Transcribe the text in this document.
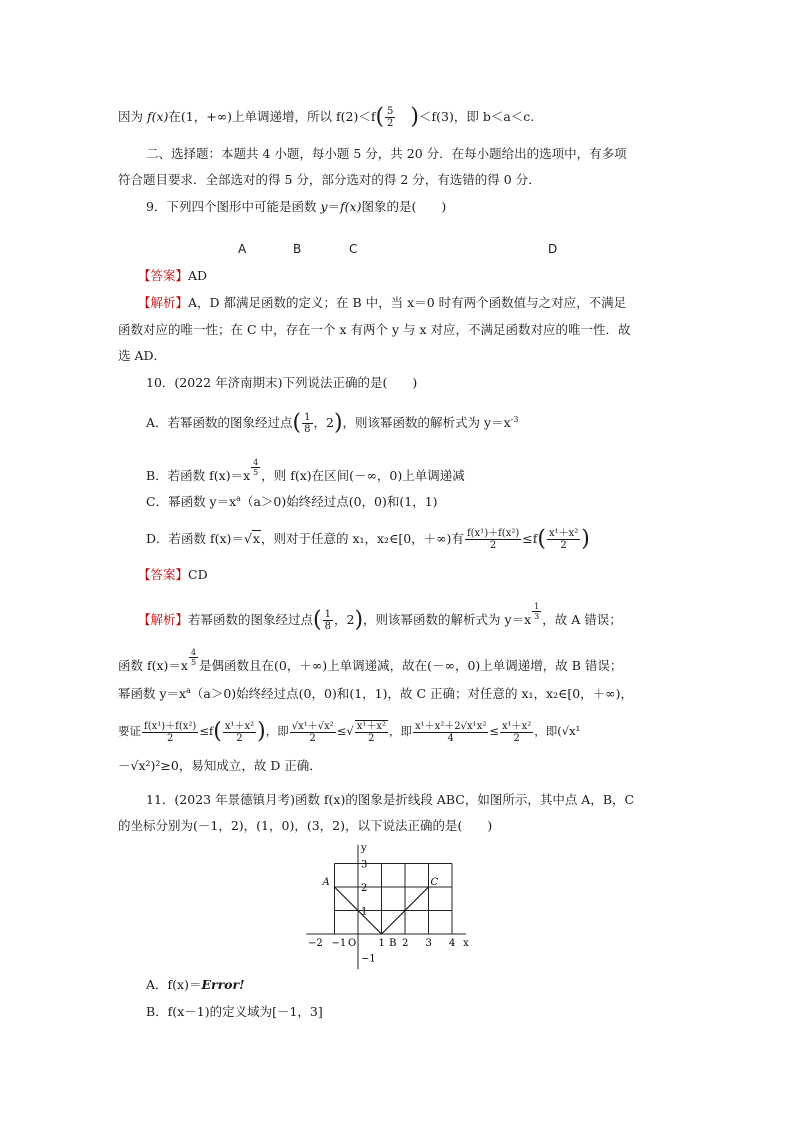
因为 f(x)在(1，+∞)上单调递增，所以 $f(2)<f( \frac{5}{2} )<f(3)$，即 b＜a＜c.
二、选择题：本题共 4 小题，每小题 5 分，共 20 分．在每小题给出的选项中，有多项
符合题目要求．全部选对的得 5 分，部分选对的得 2 分，有选错的得 0 分．
9．下列四个图形中可能是函数 y＝f(x)图象的是(　　)
A	B	C	D
【答案】AD
【解析】A，D 都满足函数的定义；在 B 中，当 x＝0 时有两个函数值与之对应，不满足
函数对应的唯一性；在 C 中，存在一个 x 有两个 y 与 x 对应，不满足函数对应的唯一性．故
选 AD．
10．(2022 年济南期末)下列说法正确的是(　　)
A．若幂函数的图象经过点( $\frac{1}{8}$ ，2)，则该幂函数的解析式为 $y=x^{-3}$
B．若函数 $f(x)=x \frac{4}{5}$ ，则 f(x)在区间(－∞，0)上单调递减
C．幂函数 $y=x^a(a>0)$始终经过点(0，0)和(1，1)
D．若函数 f(x)＝√x，则对于任意的 x₁，x₂∈[0，＋∞)有 $\frac{\text{f(x¹)＋f(x²)}}{2} \le f( \frac{\text{x¹＋x²}}{2}$ )
【答案】CD
【解析】若幂函数的图象经过点( $\frac{1}{8}$ ，2)，则该幂函数的解析式为 $y=x \frac{1}{3}$ ，故 A 错误；
函数 $f(x)=x \frac{4}{5}$ 是偶函数且在(0，＋∞)上单调递减，故在(－∞，0)上单调递增，故 B 错误；
幂函数 $y=x^a(a>0)$始终经过点(0，0)和(1，1)，故 C 正确；对任意的 x₁，x₂∈[0，＋∞)，
要证 $\frac{\text{f(x¹)＋f(x²)}}{2} \le f( \frac{\text{x¹＋x²}}{2}$ )，即 $\frac{\text{√x¹＋√x²}}{2}$ ≤√ $\frac{\text{x¹＋x²}}{2}$ ，即 $\frac{\text{x¹＋x²＋2√x¹x²}}{4} \le \frac{\text{x¹＋x²}}{2}$ ，即(√x¹
－√x²)²≥0，易知成立，故 D 正确．
11．(2023 年景德镇月考)函数 f(x)的图象是折线段 ABC，如图所示，其中点 A，B，C
的坐标分别为(－1，2)，(1，0)，(3，2)，以下说法正确的是(　　)
−2 −1 O 1 B 2 3 4 x
3
2
1
−1
y
A	C
A．f(x)＝Error!
B．f(x－1)的定义域为[－1，3]
